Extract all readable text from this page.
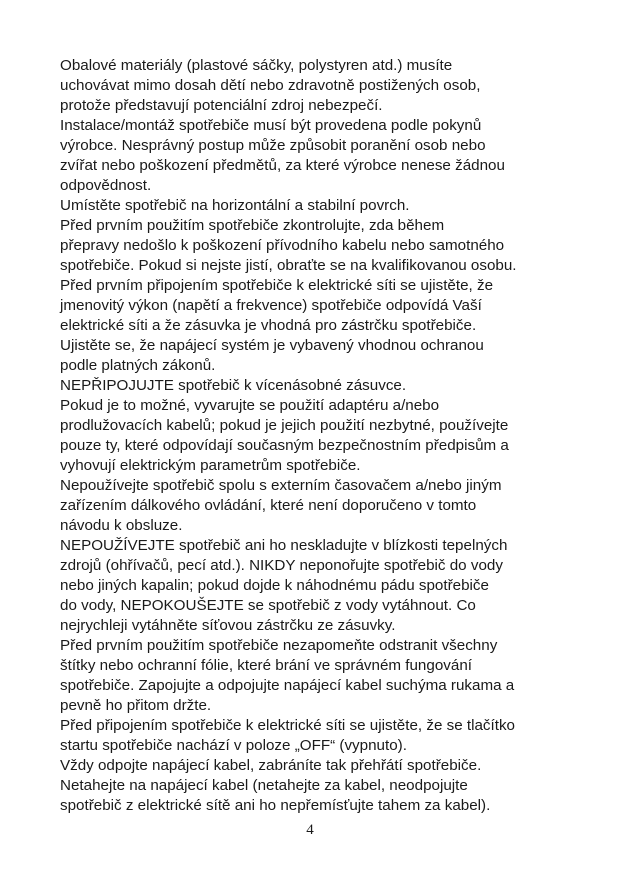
Obalové materiály (plastové sáčky, polystyren atd.) musíte
uchovávat mimo dosah dětí nebo zdravotně postižených osob,
protože představují potenciální zdroj nebezpečí.
Instalace/montáž spotřebiče musí být provedena podle pokynů
výrobce. Nesprávný postup může způsobit poranění osob nebo
zvířat nebo poškození předmětů, za které výrobce nenese žádnou
odpovědnost.
Umístěte spotřebič na horizontální a stabilní povrch.
Před prvním použitím spotřebiče zkontrolujte, zda během
přepravy nedošlo k poškození přívodního kabelu nebo samotného
spotřebiče. Pokud si nejste jistí, obraťte se na kvalifikovanou osobu.
Před prvním připojením spotřebiče k elektrické síti se ujistěte, že
jmenovitý výkon (napětí a frekvence) spotřebiče odpovídá Vaší
elektrické síti a že zásuvka je vhodná pro zástrčku spotřebiče.
Ujistěte se, že napájecí systém je vybavený vhodnou ochranou
podle platných zákonů.
NEPŘIPOJUJTE spotřebič k vícenásobné zásuvce.
Pokud je to možné, vyvarujte se použití adaptéru a/nebo
prodlužovacích kabelů; pokud je jejich použití nezbytné, používejte
pouze ty, které odpovídají současným bezpečnostním předpisům a
vyhovují elektrickým parametrům spotřebiče.
Nepoužívejte spotřebič spolu s externím časovačem a/nebo jiným
zařízením dálkového ovládání, které není doporučeno v tomto
návodu k obsluze.
NEPOUŽÍVEJTE spotřebič ani ho neskladujte v blízkosti tepelných
zdrojů (ohřívačů, pecí atd.). NIKDY neponořujte spotřebič do vody
nebo jiných kapalin; pokud dojde k náhodnému pádu spotřebiče
do vody, NEPOKOUŠEJTE se spotřebič z vody vytáhnout. Co
nejrychleji vytáhněte síťovou zástrčku ze zásuvky.
Před prvním použitím spotřebiče nezapomeňte odstranit všechny
štítky nebo ochranní fólie, které brání ve správném fungování
spotřebiče. Zapojujte a odpojujte napájecí kabel suchýma rukama a
pevně ho přitom držte.
Před připojením spotřebiče k elektrické síti se ujistěte, že se tlačítko
startu spotřebiče nachází v poloze „OFF“ (vypnuto).
Vždy odpojte napájecí kabel, zabráníte tak přehřátí spotřebiče.
Netahejte na napájecí kabel (netahejte za kabel, neodpojujte
spotřebič z elektrické sítě ani ho nepřemísťujte tahem za kabel).
4
